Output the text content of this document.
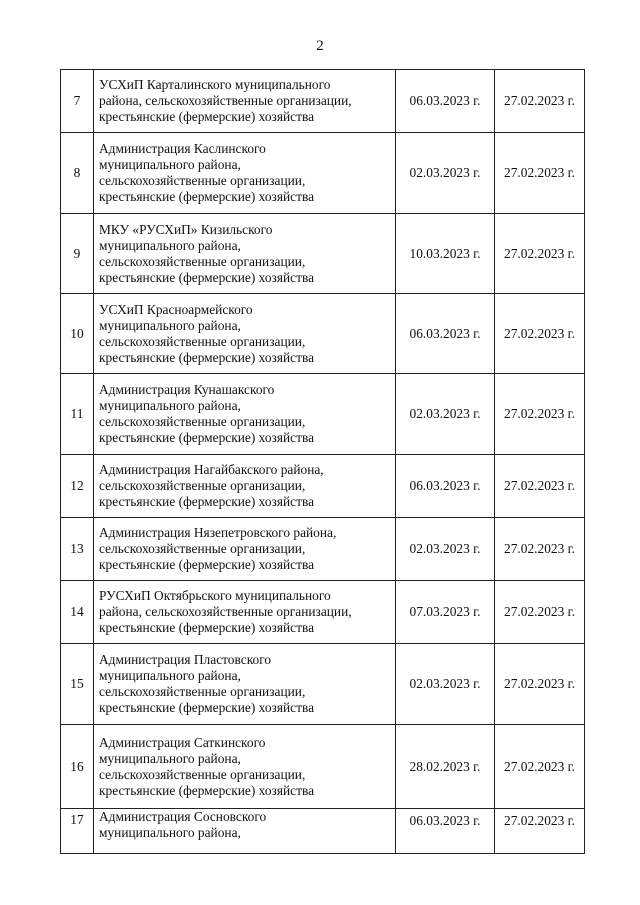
2
7	УСХиП Карталинского муниципального
района, сельскохозяйственные организации,
крестьянские (фермерские) хозяйства	06.03.2023 г.	27.02.2023 г.
8	Администрация Каслинского
муниципального района,
сельскохозяйственные организации,
крестьянские (фермерские) хозяйства	02.03.2023 г.	27.02.2023 г.
9	МКУ «РУСХиП» Кизильского
муниципального района,
сельскохозяйственные организации,
крестьянские (фермерские) хозяйства	10.03.2023 г.	27.02.2023 г.
10	УСХиП Красноармейского
муниципального района,
сельскохозяйственные организации,
крестьянские (фермерские) хозяйства	06.03.2023 г.	27.02.2023 г.
11	Администрация Кунашакского
муниципального района,
сельскохозяйственные организации,
крестьянские (фермерские) хозяйства	02.03.2023 г.	27.02.2023 г.
12	Администрация Нагайбакского района,
сельскохозяйственные организации,
крестьянские (фермерские) хозяйства	06.03.2023 г.	27.02.2023 г.
13	Администрация Нязепетровского района,
сельскохозяйственные организации,
крестьянские (фермерские) хозяйства	02.03.2023 г.	27.02.2023 г.
14	РУСХиП Октябрьского муниципального
района, сельскохозяйственные организации,
крестьянские (фермерские) хозяйства	07.03.2023 г.	27.02.2023 г.
15	Администрация Пластовского
муниципального района,
сельскохозяйственные организации,
крестьянские (фермерские) хозяйства	02.03.2023 г.	27.02.2023 г.
16	Администрация Саткинского
муниципального района,
сельскохозяйственные организации,
крестьянские (фермерские) хозяйства	28.02.2023 г.	27.02.2023 г.
17	Администрация Сосновского
муниципального района,	06.03.2023 г.	27.02.2023 г.
